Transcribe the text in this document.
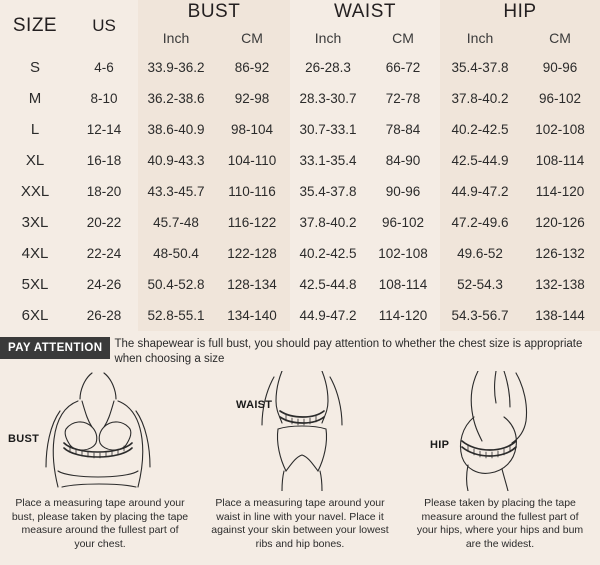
SIZE	US	BUST		WAIST		HIP	
		Inch	CM	Inch	CM	Inch	CM
S	4-6	33.9-36.2	86-92	26-28.3	66-72	35.4-37.8	90-96
M	8-10	36.2-38.6	92-98	28.3-30.7	72-78	37.8-40.2	96-102
L	12-14	38.6-40.9	98-104	30.7-33.1	78-84	40.2-42.5	102-108
XL	16-18	40.9-43.3	104-110	33.1-35.4	84-90	42.5-44.9	108-114
XXL	18-20	43.3-45.7	110-116	35.4-37.8	90-96	44.9-47.2	114-120
3XL	20-22	45.7-48	116-122	37.8-40.2	96-102	47.2-49.6	120-126
4XL	22-24	48-50.4	122-128	40.2-42.5	102-108	49.6-52	126-132
5XL	24-26	50.4-52.8	128-134	42.5-44.8	108-114	52-54.3	132-138
6XL	26-28	52.8-55.1	134-140	44.9-47.2	114-120	54.3-56.7	138-144
PAY ATTENTION The shapewear is full bust, you should pay attention to whether the chest size is appropriate when choosing a size
BUST
Place a measuring tape around your bust, please taken by placing the tape measure around the fullest part of your chest.
WAIST
Place a measuring tape around your waist in line with your navel. Place it against your skin between your lowest ribs and hip bones.
HIP
Please taken by placing the tape measure around the fullest part of your hips, where your hips and bum are the widest.
